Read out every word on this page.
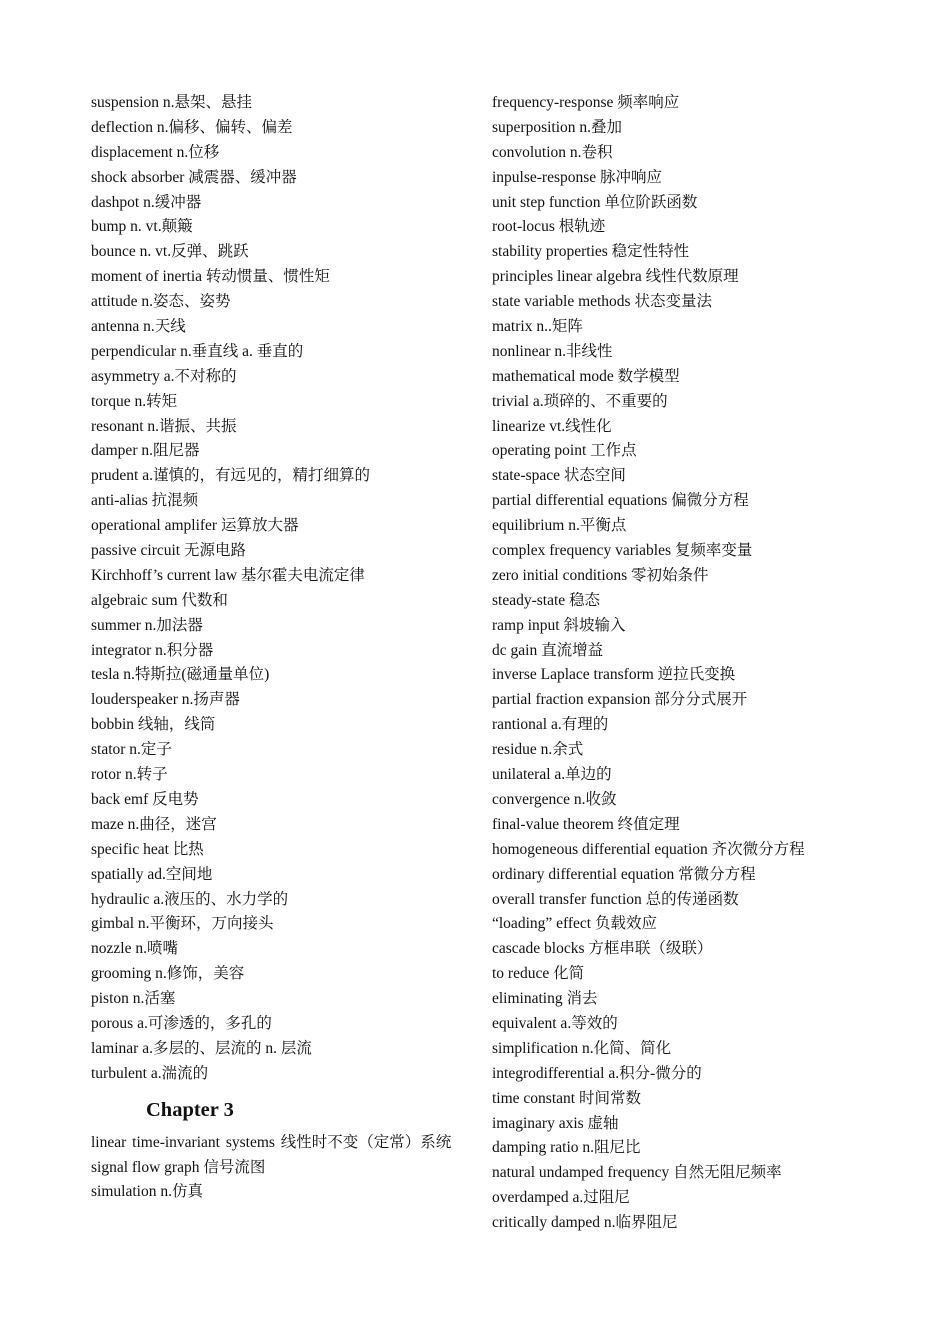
suspension n.悬架、悬挂
deflection n.偏移、偏转、偏差
displacement n.位移
shock absorber 减震器、缓冲器
dashpot n.缓冲器
bump n. vt.颠簸
bounce n. vt.反弹、跳跃
moment of inertia 转动惯量、惯性矩
attitude n.姿态、姿势
antenna n.天线
perpendicular n.垂直线 a. 垂直的
asymmetry a.不对称的
torque n.转矩
resonant n.谐振、共振
damper n.阻尼器
prudent a.谨慎的，有远见的，精打细算的
anti-alias 抗混频
operational amplifer 运算放大器
passive circuit 无源电路
Kirchhoff’s current law 基尔霍夫电流定律
algebraic sum 代数和
summer n.加法器
integrator n.积分器
tesla n.特斯拉(磁通量单位)
louderspeaker n.扬声器
bobbin 线轴，线筒
stator n.定子
rotor n.转子
back emf 反电势
maze n.曲径，迷宫
specific heat 比热
spatially ad.空间地
hydraulic a.液压的、水力学的
gimbal n.平衡环，万向接头
nozzle n.喷嘴
grooming n.修饰，美容
piston n.活塞
porous a.可渗透的，多孔的
laminar a.多层的、层流的 n. 层流
turbulent a.湍流的
Chapter 3
linear time-invariant systems 线性时不变（定常）系统
signal flow graph 信号流图
simulation n.仿真
frequency-response 频率响应
superposition n.叠加
convolution n.卷积
inpulse-response 脉冲响应
unit step function 单位阶跃函数
root-locus 根轨迹
stability properties 稳定性特性
principles linear algebra 线性代数原理
state variable methods 状态变量法
matrix n..矩阵
nonlinear n.非线性
mathematical mode 数学模型
trivial a.琐碎的、不重要的
linearize vt.线性化
operating point 工作点
state-space 状态空间
partial differential equations 偏微分方程
equilibrium n.平衡点
complex frequency variables 复频率变量
zero initial conditions 零初始条件
steady-state 稳态
ramp input 斜坡输入
dc gain 直流增益
inverse Laplace transform 逆拉氏变换
partial fraction expansion 部分分式展开
rantional a.有理的
residue n.余式
unilateral a.单边的
convergence n.收敛
final-value theorem 终值定理
homogeneous differential equation 齐次微分方程
ordinary differential equation 常微分方程
overall transfer function 总的传递函数
“loading” effect 负载效应
cascade blocks 方框串联（级联）
to reduce 化简
eliminating 消去
equivalent a.等效的
simplification n.化简、简化
integrodifferential a.积分-微分的
time constant 时间常数
imaginary axis 虚轴
damping ratio n.阻尼比
natural undamped frequency 自然无阻尼频率
overdamped a.过阻尼
critically damped n.临界阻尼
